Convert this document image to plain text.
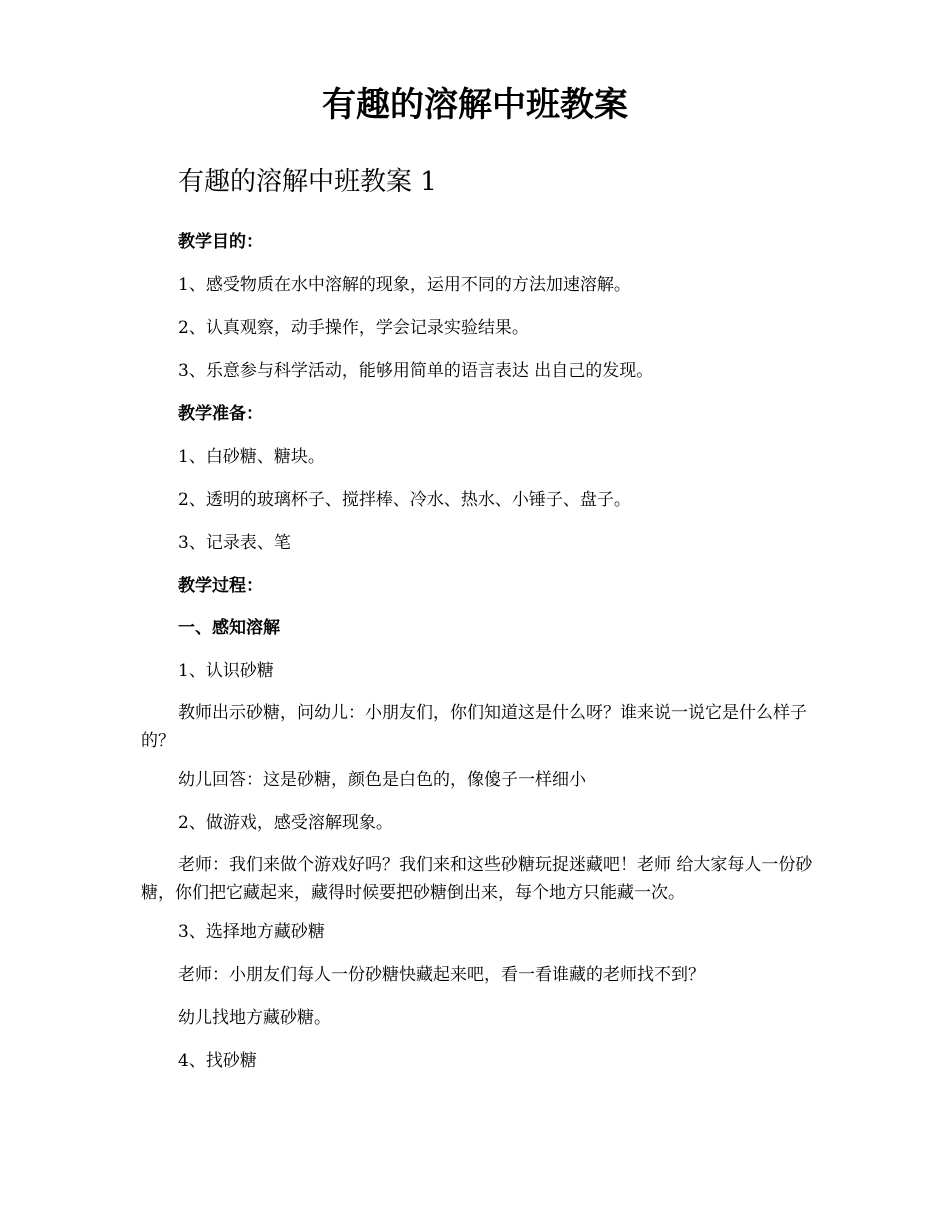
有趣的溶解中班教案
有趣的溶解中班教案 1

教学目的：

1、感受物质在水中溶解的现象，运用不同的方法加速溶解。

2、认真观察，动手操作，学会记录实验结果。

3、乐意参与科学活动，能够用简单的语言表达 出自己的发现。

教学准备：

1、白砂糖、糖块。

2、透明的玻璃杯子、搅拌棒、冷水、热水、小锤子、盘子。

3、记录表、笔

教学过程：

一、感知溶解

1、认识砂糖

教师出示砂糖，问幼儿：小朋友们，你们知道这是什么呀？谁来说一说它是什么样子的？

幼儿回答：这是砂糖，颜色是白色的，像傻子一样细小

2、做游戏，感受溶解现象。

老师：我们来做个游戏好吗？我们来和这些砂糖玩捉迷藏吧！老师 给大家每人一份砂糖，你们把它藏起来，藏得时候要把砂糖倒出来，每个地方只能藏一次。

3、选择地方藏砂糖

老师：小朋友们每人一份砂糖快藏起来吧，看一看谁藏的老师找不到？

幼儿找地方藏砂糖。

4、找砂糖
